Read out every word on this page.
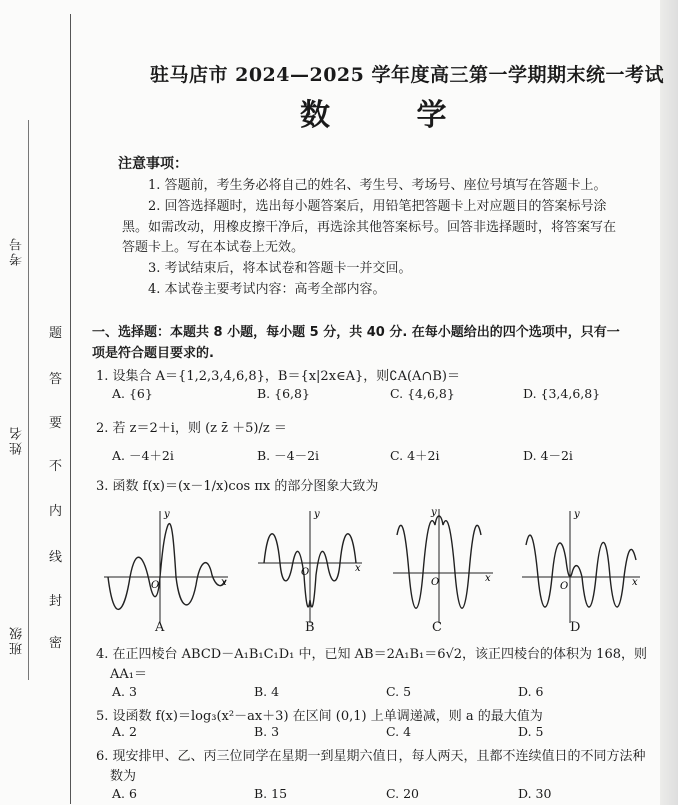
考号
姓名
班级
题
答
要
不
内
线
封
密
驻马店市 2024—2025 学年度高三第一学期期末统一考试
数 学
注意事项：
1. 答题前，考生务必将自己的姓名、考生号、考场号、座位号填写在答题卡上。
2. 回答选择题时，选出每小题答案后，用铅笔把答题卡上对应题目的答案标号涂
黑。如需改动，用橡皮擦干净后，再选涂其他答案标号。回答非选择题时，将答案写在
答题卡上。写在本试卷上无效。
3. 考试结束后，将本试卷和答题卡一并交回。
4. 本试卷主要考试内容：高考全部内容。
一、选择题：本题共 8 小题，每小题 5 分，共 40 分. 在每小题给出的四个选项中，只有一项是符合题目要求的.
1. 设集合 A＝{1,2,3,4,6,8}，B＝{x|2x∈A}，则∁A(A∩B)＝
A. {6}	B. {6,8}	C. {4,6,8}	D. {3,4,6,8}
2. 若 z＝2＋i，则 (z z̄ ＋5)/z ＝
A. －4＋2i	B. －4－2i	C. 4＋2i	D. 4－2i
3. 函数 f(x)＝(x－1/x)cos πx 的部分图象大致为
x
y
O
A
x
y
O
B
x
y
O
C
x
y
O
D
4. 在正四棱台 ABCD－A₁B₁C₁D₁ 中，已知 AB＝2A₁B₁＝6√2，该正四棱台的体积为 168，则
AA₁＝
A. 3	B. 4	C. 5	D. 6
5. 设函数 f(x)＝log₃(x²－ax＋3) 在区间 (0,1) 上单调递减，则 a 的最大值为
A. 2	B. 3	C. 4	D. 5
6. 现安排甲、乙、丙三位同学在星期一到星期六值日，每人两天，且都不连续值日的不同方法种
数为
A. 6	B. 15	C. 20	D. 30
